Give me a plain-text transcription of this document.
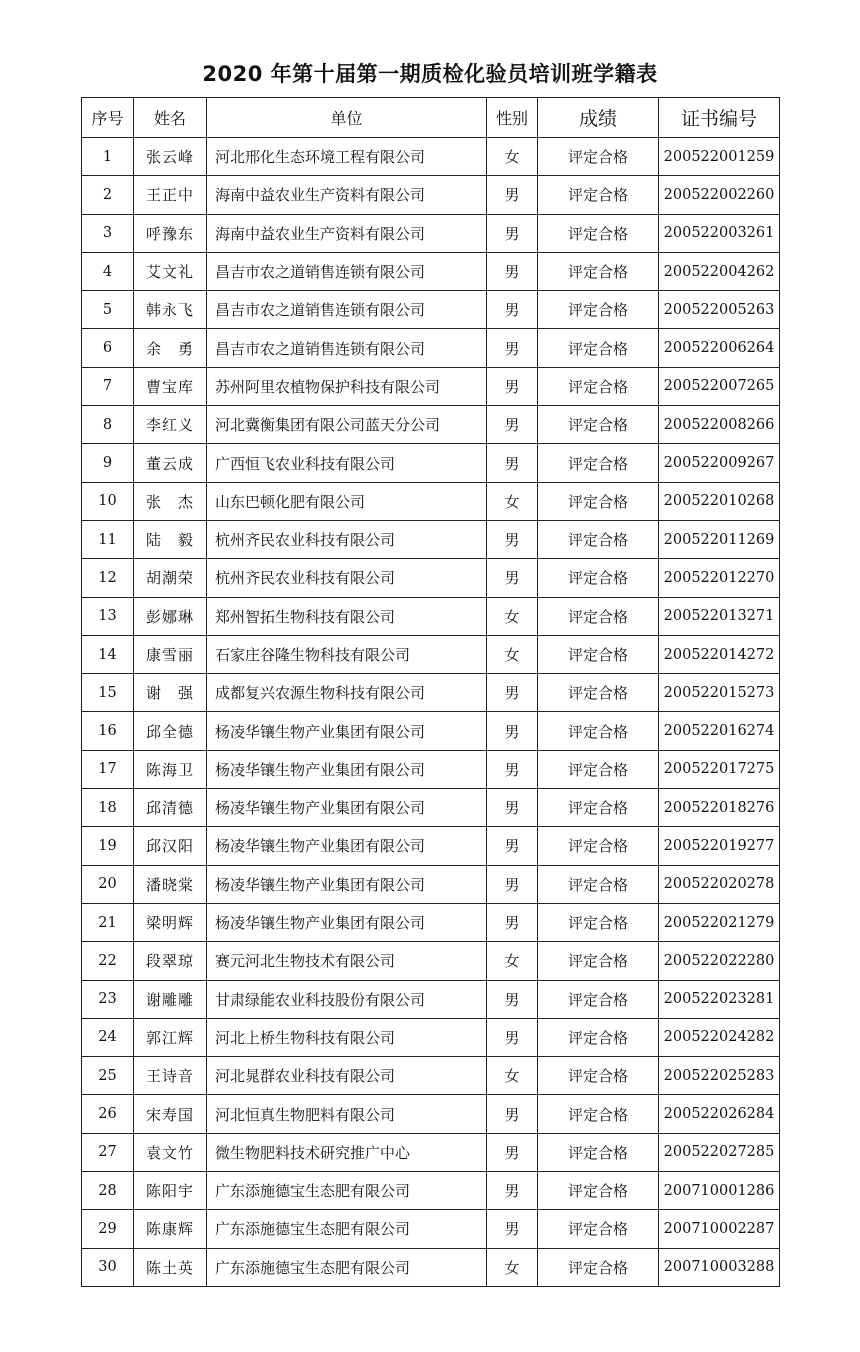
2020 年第十届第一期质检化验员培训班学籍表
序号	姓名	单位	性别	成绩	证书编号
1	张云峰	河北邢化生态环境工程有限公司	女	评定合格	200522001259
2	王正中	海南中益农业生产资料有限公司	男	评定合格	200522002260
3	呼豫东	海南中益农业生产资料有限公司	男	评定合格	200522003261
4	艾文礼	昌吉市农之道销售连锁有限公司	男	评定合格	200522004262
5	韩永飞	昌吉市农之道销售连锁有限公司	男	评定合格	200522005263
6	余　勇	昌吉市农之道销售连锁有限公司	男	评定合格	200522006264
7	曹宝库	苏州阿里农植物保护科技有限公司	男	评定合格	200522007265
8	李红义	河北冀衡集团有限公司蓝天分公司	男	评定合格	200522008266
9	董云成	广西恒飞农业科技有限公司	男	评定合格	200522009267
10	张　杰	山东巴顿化肥有限公司	女	评定合格	200522010268
11	陆　毅	杭州齐民农业科技有限公司	男	评定合格	200522011269
12	胡潮荣	杭州齐民农业科技有限公司	男	评定合格	200522012270
13	彭娜琳	郑州智拓生物科技有限公司	女	评定合格	200522013271
14	康雪丽	石家庄谷隆生物科技有限公司	女	评定合格	200522014272
15	谢　强	成都复兴农源生物科技有限公司	男	评定合格	200522015273
16	邱全德	杨凌华镶生物产业集团有限公司	男	评定合格	200522016274
17	陈海卫	杨凌华镶生物产业集团有限公司	男	评定合格	200522017275
18	邱清德	杨凌华镶生物产业集团有限公司	男	评定合格	200522018276
19	邱汉阳	杨凌华镶生物产业集团有限公司	男	评定合格	200522019277
20	潘晓棠	杨凌华镶生物产业集团有限公司	男	评定合格	200522020278
21	梁明辉	杨凌华镶生物产业集团有限公司	男	评定合格	200522021279
22	段翠琼	赛元河北生物技术有限公司	女	评定合格	200522022280
23	谢雕雕	甘肃绿能农业科技股份有限公司	男	评定合格	200522023281
24	郭江辉	河北上桥生物科技有限公司	男	评定合格	200522024282
25	王诗音	河北晁群农业科技有限公司	女	评定合格	200522025283
26	宋寿国	河北恒真生物肥料有限公司	男	评定合格	200522026284
27	袁文竹	微生物肥料技术研究推广中心	男	评定合格	200522027285
28	陈阳宇	广东添施德宝生态肥有限公司	男	评定合格	200710001286
29	陈康辉	广东添施德宝生态肥有限公司	男	评定合格	200710002287
30	陈土英	广东添施德宝生态肥有限公司	女	评定合格	200710003288
